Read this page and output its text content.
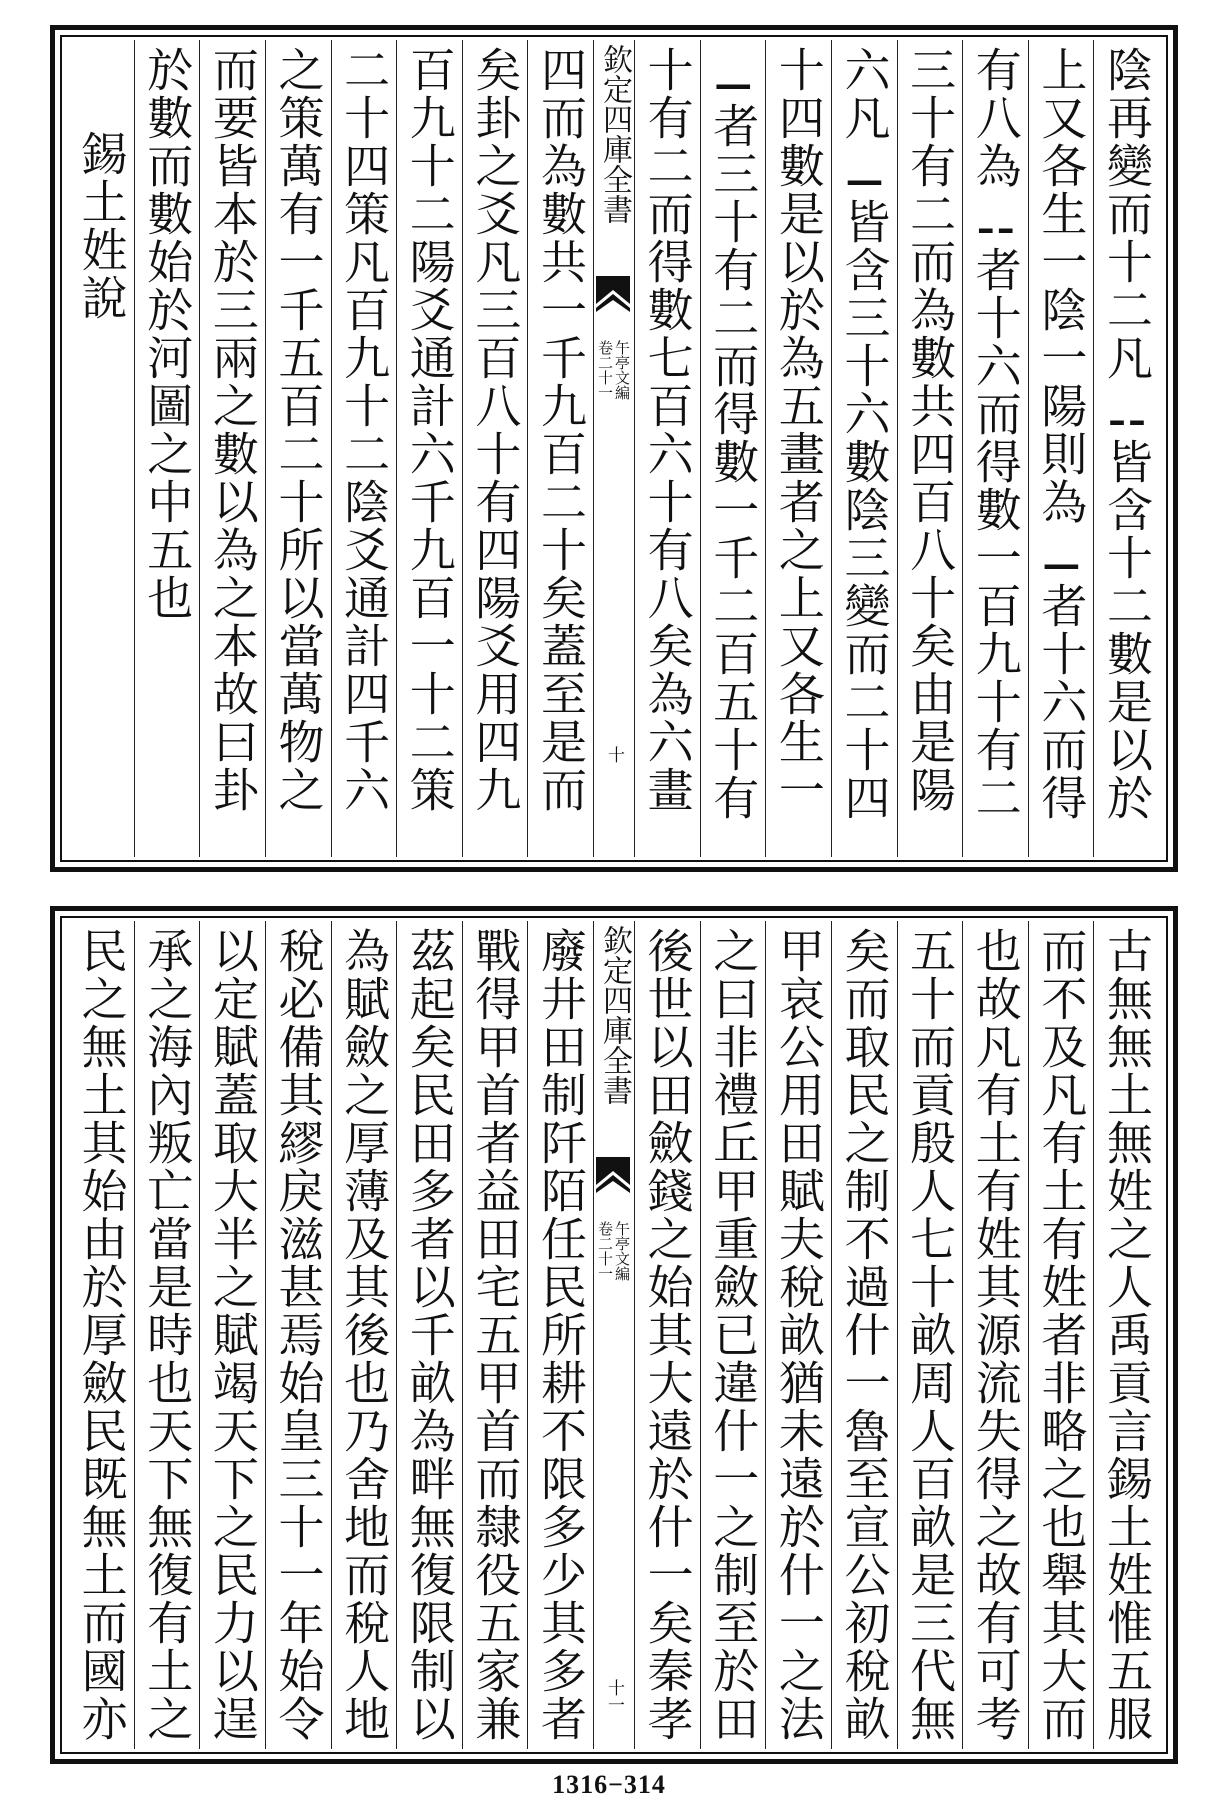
陰再變而十二凡⚋皆含十二數是以於
上又各生一陰一陽則為⚊者十六而得
有八為⚋者十六而得數一百九十有二
三十有二而為數共四百八十矣由是陽
六凡⚊皆含三十六數陰三變而二十四
十四數是以於為五畫者之上又各生一
⚊者三十有二而得數一千二百五十有
十有二而得數七百六十有八矣為六畫
欽定四庫全書
午亭文編
卷二十一
十
四而為數共一千九百二十矣蓋至是而
矣卦之爻凡三百八十有四陽爻用四九
百九十二陽爻通計六千九百一十二策
二十四策凡百九十二陰爻通計四千六
之策萬有一千五百二十所以當萬物之
而要皆本於三兩之數以為之本故曰卦
於數而數始於河圖之中五也
錫土姓說
古無無土無姓之人禹貢言錫土姓惟五服
而不及凡有土有姓者非略之也舉其大而
也故凡有土有姓其源流失得之故有可考
五十而貢殷人七十畝周人百畝是三代無
矣而取民之制不過什一魯至宣公初稅畝
甲哀公用田賦夫稅畝猶未遠於什一之法
之曰非禮丘甲重斂已違什一之制至於田
後世以田斂錢之始其大遠於什一矣秦孝
欽定四庫全書
午亭文編
卷二十一
十一
廢井田制阡陌任民所耕不限多少其多者
戰得甲首者益田宅五甲首而隸役五家兼
茲起矣民田多者以千畝為畔無復限制以
為賦斂之厚薄及其後也乃舍地而稅人地
稅必備其繆戾滋甚焉始皇三十一年始令
以定賦蓋取大半之賦竭天下之民力以逞
承之海內叛亡當是時也天下無復有土之
民之無土其始由於厚斂民既無土而國亦
1316−314
